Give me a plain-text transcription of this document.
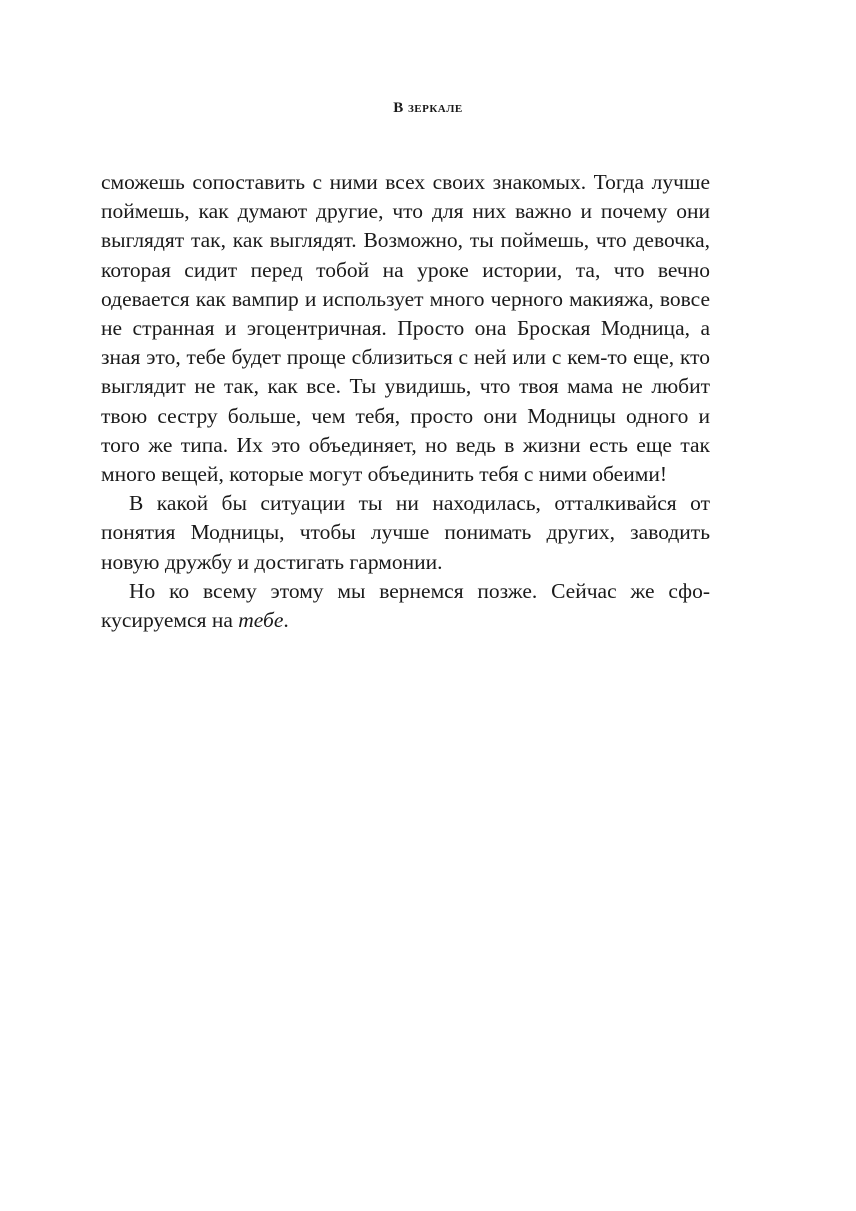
В зеркале

сможешь сопоставить с ними всех своих знакомых. Тогда лучше поймешь, как думают другие, что для них важно и почему они выглядят так, как выглядят. Возможно, ты поймешь, что девочка, которая сидит перед тобой на уроке истории, та, что вечно одевается как вампир и использует много черного макияжа, вовсе не странная и эгоцентричная. Просто она Броская Модница, а зная это, тебе будет проще сблизиться с ней или с кем-то еще, кто выглядит не так, как все. Ты увидишь, что твоя мама не любит твою сестру больше, чем тебя, просто они Модницы одного и того же типа. Их это объединяет, но ведь в жизни есть еще так много вещей, которые могут объединить тебя с ними обеими!

В какой бы ситуации ты ни находилась, отталкивайся от понятия Модницы, чтобы лучше понимать других, заводить новую дружбу и достигать гармонии.

Но ко всему этому мы вернемся позже. Сейчас же сфокусируемся на тебе.
